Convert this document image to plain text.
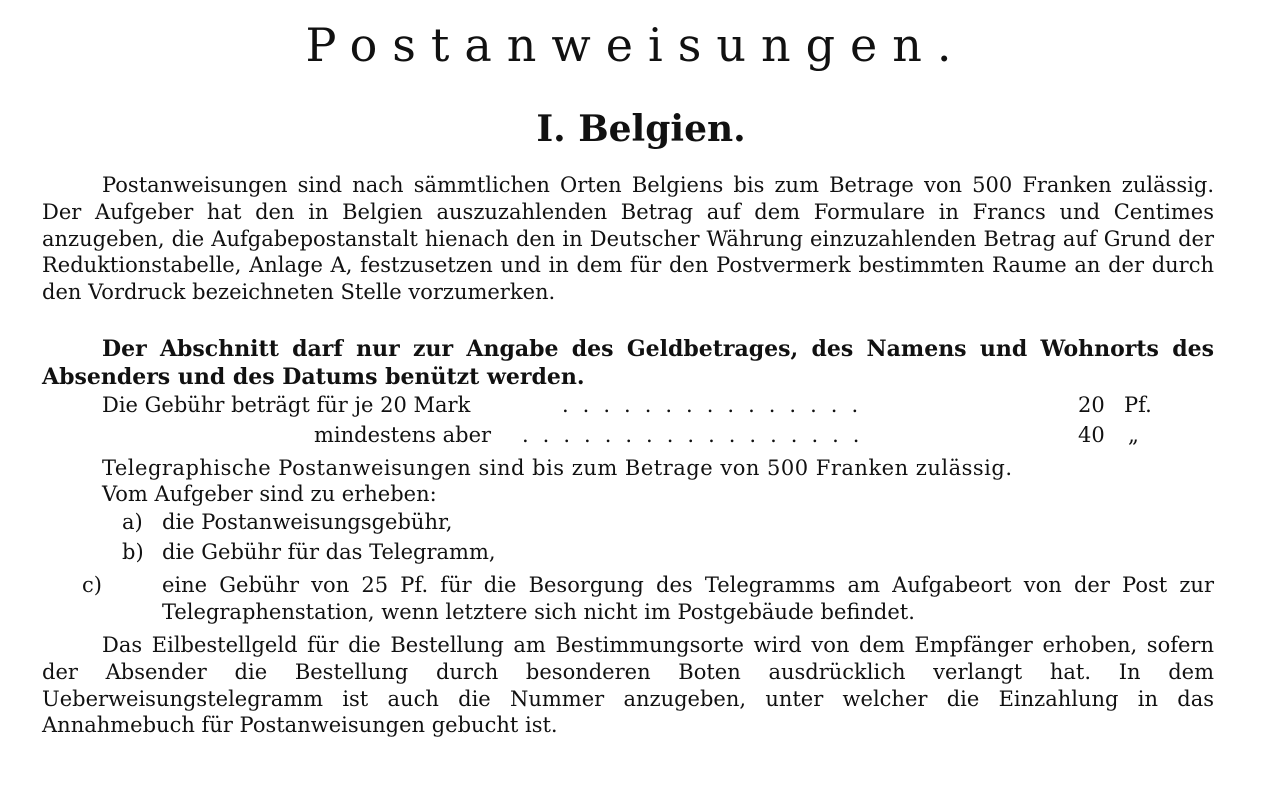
Postanweisungen.
I. Belgien.
Postanweisungen sind nach sämmtlichen Orten Belgiens bis zum Betrage von 500 Franken zulässig. Der Aufgeber hat den in Belgien auszuzahlenden Betrag auf dem Formulare in Francs und Centimes anzugeben, die Aufgabepostanstalt hienach den in Deutscher Währung einzuzahlenden Betrag auf Grund der Reduktionstabelle, Anlage A, festzusetzen und in dem für den Postvermerk bestimmten Raume an der durch den Vordruck bezeichneten Stelle vorzumerken.
Der Abschnitt darf nur zur Angabe des Geldbetrages, des Namens und Wohnorts des Absenders und des Datums benützt werden.
Die Gebühr beträgt für je 20 Mark	...............	20 Pf.
mindestens aber .................	40 „
Telegraphische Postanweisungen sind bis zum Betrage von 500 Franken zulässig.
Vom Aufgeber sind zu erheben:
a) die Postanweisungsgebühr,
b) die Gebühr für das Telegramm,
c)	eine Gebühr von 25 Pf. für die Besorgung des Telegramms am Aufgabeort von der Post zur Telegraphenstation, wenn letztere sich nicht im Postgebäude befindet.
Das Eilbestellgeld für die Bestellung am Bestimmungsorte wird von dem Empfänger erhoben, sofern der Absender die Bestellung durch besonderen Boten ausdrücklich verlangt hat. In dem Ueberweisungstelegramm ist auch die Nummer anzugeben, unter welcher die Einzahlung in das Annahmebuch für Postanweisungen gebucht ist.
